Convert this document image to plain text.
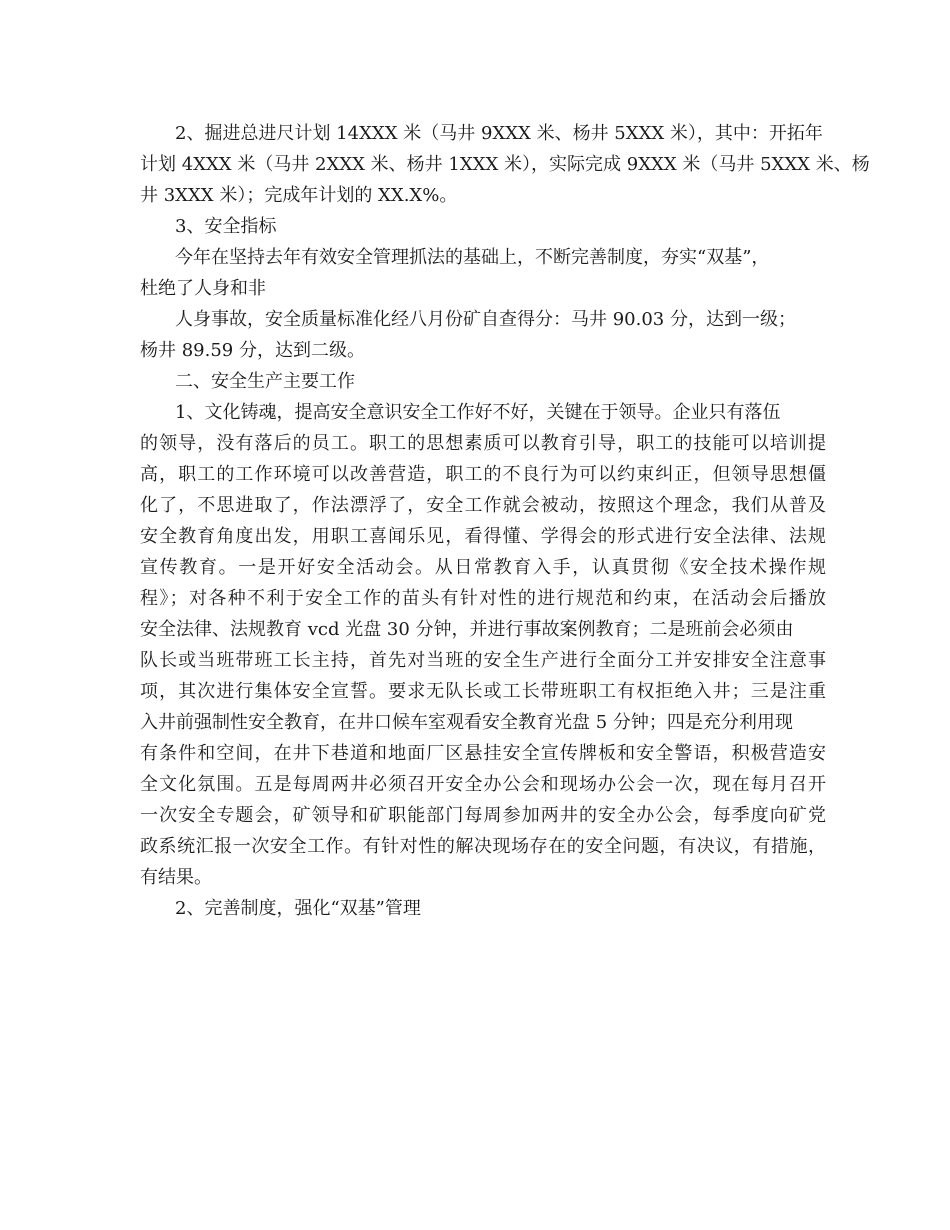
2、掘进总进尺计划 14XXX 米（马井 9XXX 米、杨井 5XXX 米），其中：开拓年
计划 4XXX 米（马井 2XXX 米、杨井 1XXX 米），实际完成 9XXX 米（马井 5XXX 米、杨
井 3XXX 米）；完成年计划的 XX.X%。
3、安全指标
今年在坚持去年有效安全管理抓法的基础上，不断完善制度，夯实“双基”，
杜绝了人身和非
人身事故，安全质量标准化经八月份矿自查得分：马井 90.03 分，达到一级；
杨井 89.59 分，达到二级。
二、安全生产主要工作
1、文化铸魂，提高安全意识安全工作好不好，关键在于领导。企业只有落伍
的领导，没有落后的员工。职工的思想素质可以教育引导，职工的技能可以培训提
高，职工的工作环境可以改善营造，职工的不良行为可以约束纠正，但领导思想僵
化了，不思进取了，作法漂浮了，安全工作就会被动，按照这个理念，我们从普及
安全教育角度出发，用职工喜闻乐见，看得懂、学得会的形式进行安全法律、法规
宣传教育。一是开好安全活动会。从日常教育入手，认真贯彻《安全技术操作规
程》；对各种不利于安全工作的苗头有针对性的进行规范和约束，在活动会后播放
安全法律、法规教育 vcd 光盘 30 分钟，并进行事故案例教育；二是班前会必须由
队长或当班带班工长主持，首先对当班的安全生产进行全面分工并安排安全注意事
项，其次进行集体安全宣誓。要求无队长或工长带班职工有权拒绝入井；三是注重
入井前强制性安全教育，在井口候车室观看安全教育光盘 5 分钟；四是充分利用现
有条件和空间，在井下巷道和地面厂区悬挂安全宣传牌板和安全警语，积极营造安
全文化氛围。五是每周两井必须召开安全办公会和现场办公会一次，现在每月召开
一次安全专题会，矿领导和矿职能部门每周参加两井的安全办公会，每季度向矿党
政系统汇报一次安全工作。有针对性的解决现场存在的安全问题，有决议，有措施，
有结果。
2、完善制度，强化“双基”管理
